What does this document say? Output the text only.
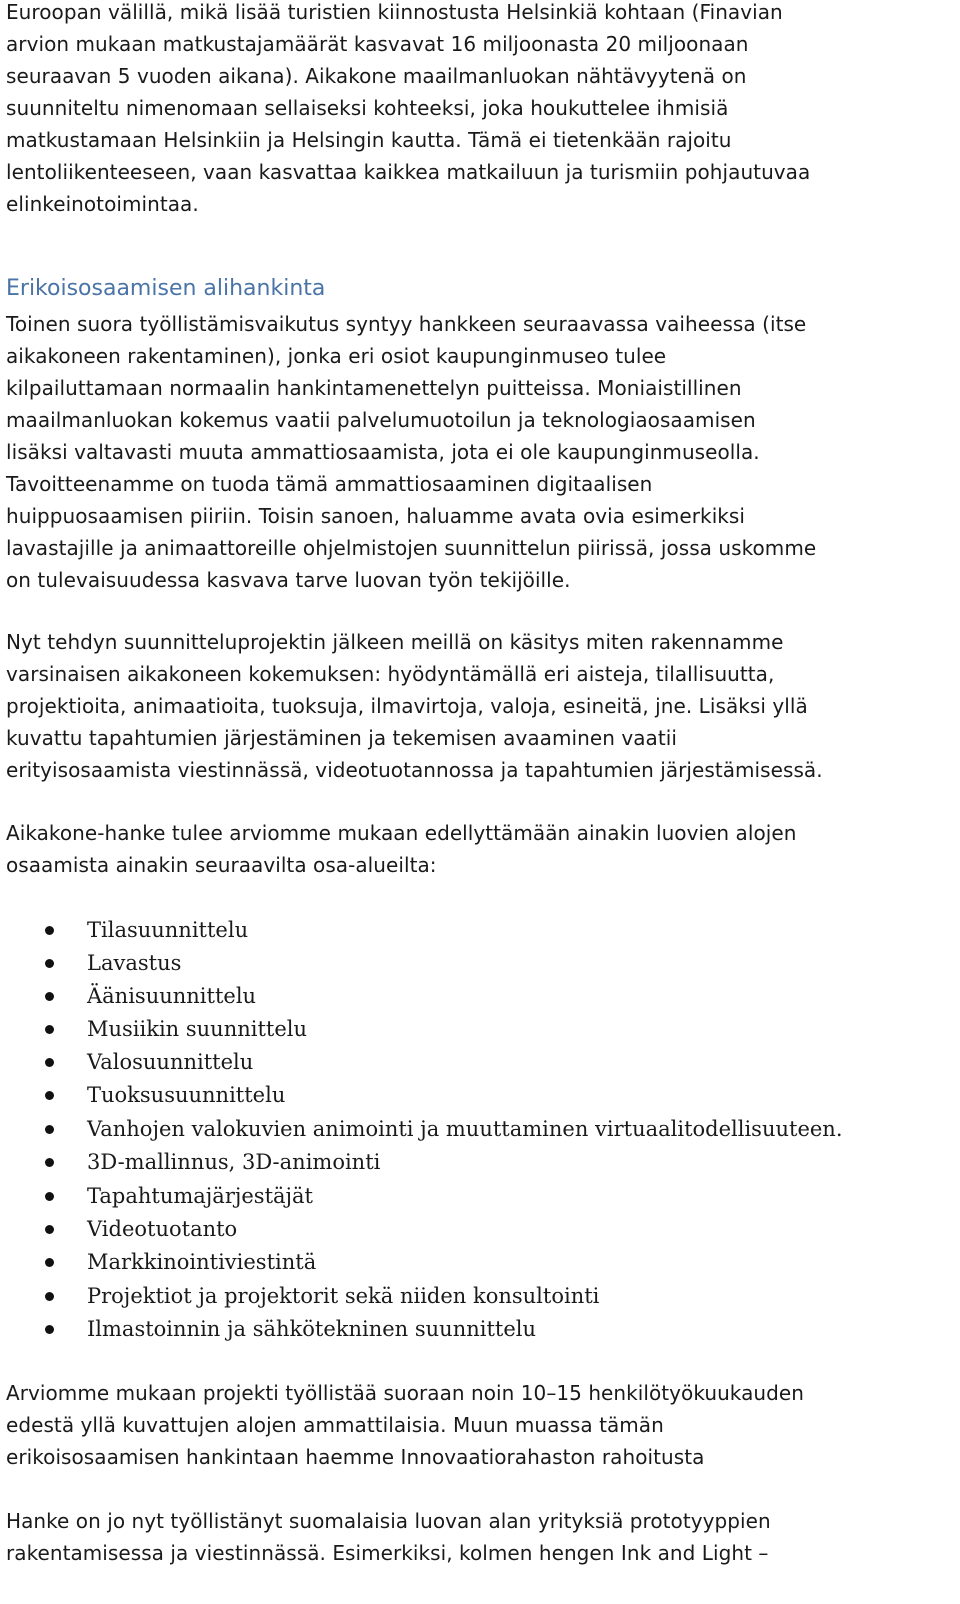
Euroopan välillä, mikä lisää turistien kiinnostusta Helsinkiä kohtaan (Finavian
arvion mukaan matkustajamäärät kasvavat 16 miljoonasta 20 miljoonaan
seuraavan 5 vuoden aikana). Aikakone maailmanluokan nähtävyytenä on
suunniteltu nimenomaan sellaiseksi kohteeksi, joka houkuttelee ihmisiä
matkustamaan Helsinkiin ja Helsingin kautta. Tämä ei tietenkään rajoitu
lentoliikenteeseen, vaan kasvattaa kaikkea matkailuun ja turismiin pohjautuvaa
elinkeinotoimintaa.
Erikoisosaamisen alihankinta
Toinen suora työllistämisvaikutus syntyy hankkeen seuraavassa vaiheessa (itse
aikakoneen rakentaminen), jonka eri osiot kaupunginmuseo tulee
kilpailuttamaan normaalin hankintamenettelyn puitteissa. Moniaistillinen
maailmanluokan kokemus vaatii palvelumuotoilun ja teknologiaosaamisen
lisäksi valtavasti muuta ammattiosaamista, jota ei ole kaupunginmuseolla.
Tavoitteenamme on tuoda tämä ammattiosaaminen digitaalisen
huippuosaamisen piiriin. Toisin sanoen, haluamme avata ovia esimerkiksi
lavastajille ja animaattoreille ohjelmistojen suunnittelun piirissä, jossa uskomme
on tulevaisuudessa kasvava tarve luovan työn tekijöille.
Nyt tehdyn suunnitteluprojektin jälkeen meillä on käsitys miten rakennamme
varsinaisen aikakoneen kokemuksen: hyödyntämällä eri aisteja, tilallisuutta,
projektioita, animaatioita, tuoksuja, ilmavirtoja, valoja, esineitä, jne. Lisäksi yllä
kuvattu tapahtumien järjestäminen ja tekemisen avaaminen vaatii
erityisosaamista viestinnässä, videotuotannossa ja tapahtumien järjestämisessä.
Aikakone-hanke tulee arviomme mukaan edellyttämään ainakin luovien alojen
osaamista ainakin seuraavilta osa-alueilta:
Tilasuunnittelu
Lavastus
Äänisuunnittelu
Musiikin suunnittelu
Valosuunnittelu
Tuoksusuunnittelu
Vanhojen valokuvien animointi ja muuttaminen virtuaalitodellisuuteen.
3D-mallinnus, 3D-animointi
Tapahtumajärjestäjät
Videotuotanto
Markkinointiviestintä
Projektiot ja projektorit sekä niiden konsultointi
Ilmastoinnin ja sähkötekninen suunnittelu
Arviomme mukaan projekti työllistää suoraan noin 10–15 henkilötyökuukauden
edestä yllä kuvattujen alojen ammattilaisia. Muun muassa tämän
erikoisosaamisen hankintaan haemme Innovaatiorahaston rahoitusta
Hanke on jo nyt työllistänyt suomalaisia luovan alan yrityksiä prototyyppien
rakentamisessa ja viestinnässä. Esimerkiksi, kolmen hengen Ink and Light –
